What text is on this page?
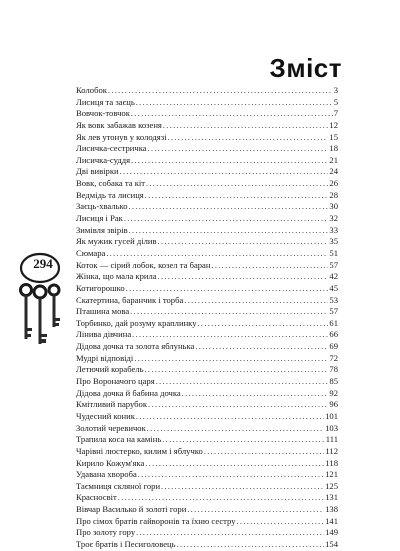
Зміст
Колобок . . .	3
Лисиця та заєць . . .	5
Вовчок-товчок . . .	7
Як вовк забажав козеня . . .	12
Як лев утонув у колодязі . . .	15
Лисичка-сестричка . . .	18
Лисичка-суддя . . .	21
Дві вивірки . . .	24
Вовк, собака та кіт . . .	26
Ведмідь та лисиця . . .	28
Заєць-хвалько . . .	30
Лисиця і Рак . . .	32
Зимівля звірів . . .	33
Як мужик гусей ділив . . .	35
Сюмара . . .	51
Коток — сірий лобок, козел та баран . . .	57
Жінка, що мала крила . . .	42
Котигорошко . . .	45
Скатертина, баранчик і торба . . .	53
Пташина мова . . .	57
Торбинко, дай розуму краплинку . . .	61
Лінива дівчина . . .	66
Дідова дочка та золота яблунька . . .	69
Мудрі відповіді . . .	72
Летючий корабель . . .	78
Про Вороначого царя . . .	85
Дідова дочка й бабина дочка . . .	92
Кмітливий парубок . . .	96
Чудесний коник . . .	101
Золотий черевичок . . .	103
Трапила коса на камінь . . .	111
Чарівні люстерко, килим і яблучко . . .	112
Кирило Кожум'яка . . .	118
Удавана хвороба . . .	121
Таємниця скляної гори . . .	125
Красносвіт . . .	131
Вівчар Василько й золоті гори . . .	138
Про сімох братів гайворонів та їхню сестру . . .	141
Про золоту гору . . .	149
Троє братів і Песиголовець . . .	154
294
